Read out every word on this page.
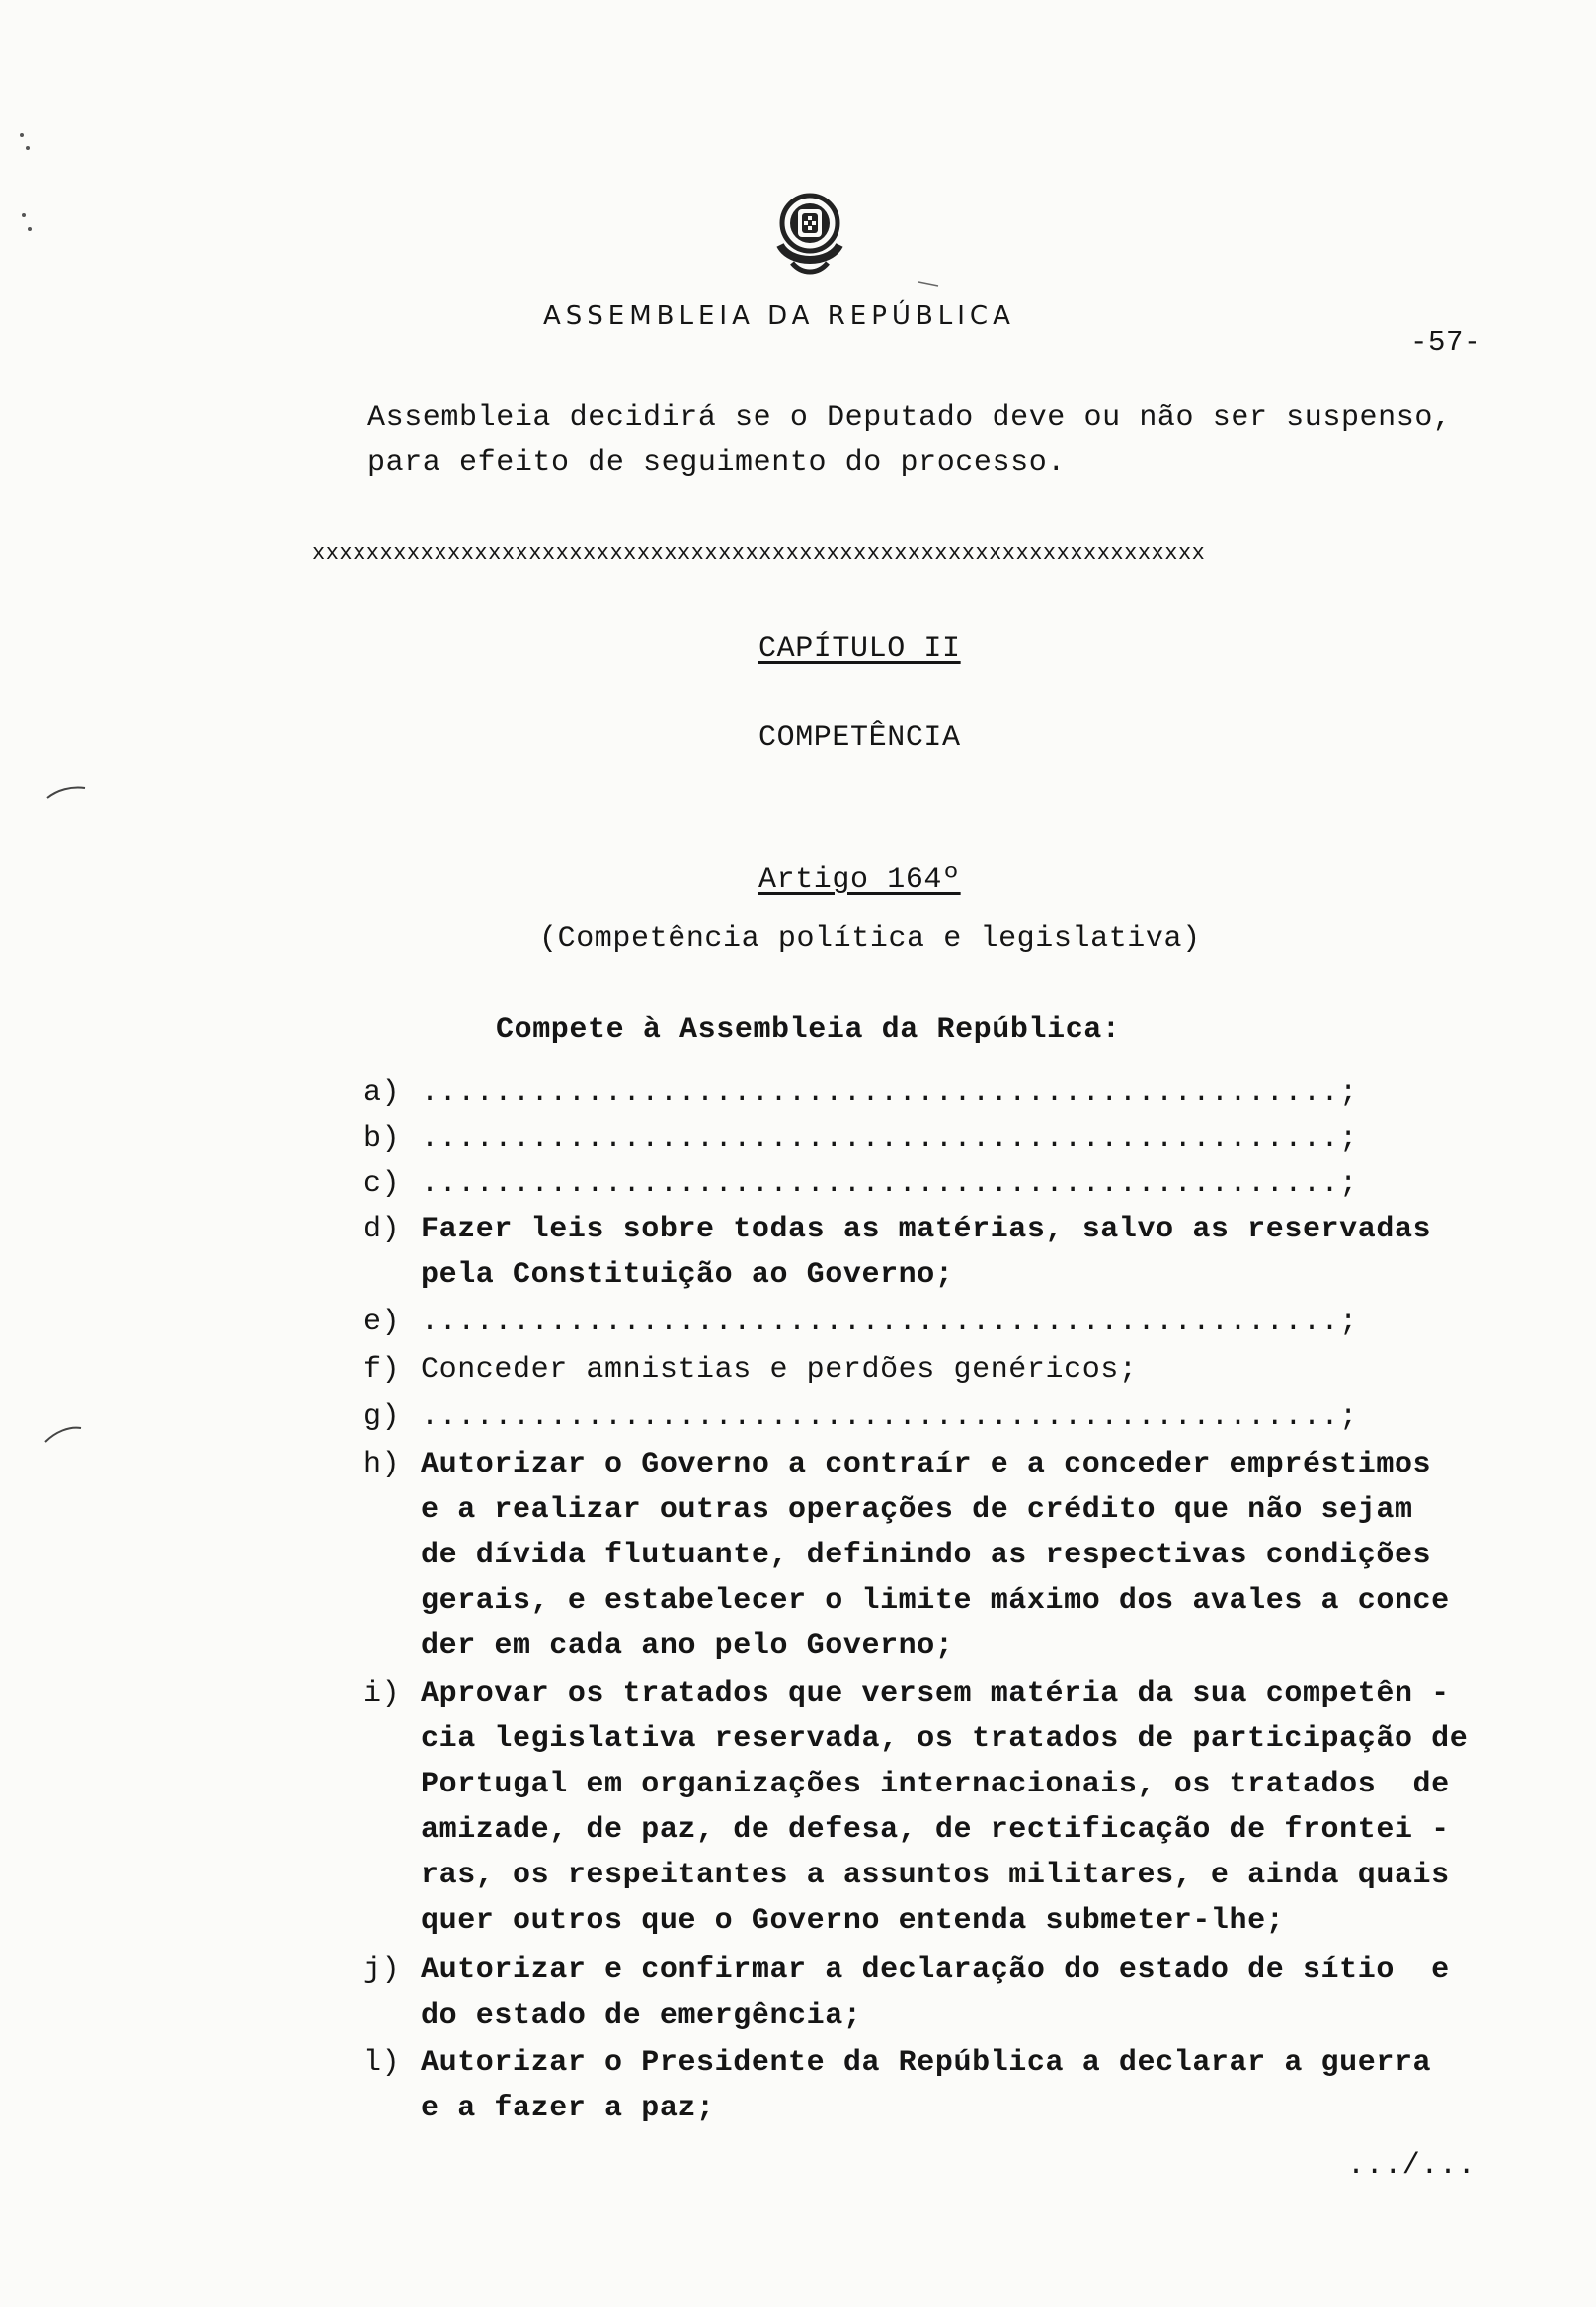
ASSEMBLEIA DA REPÚBLICA
-57-
Assembleia decidirá se o Deputado deve ou não ser suspenso,
para efeito de seguimento do processo.
xxxxxxxxxxxxxxxxxxxxxxxxxxxxxxxxxxxxxxxxxxxxxxxxxxxxxxxxxxxxxxxxxx
CAPÍTULO II
COMPETÊNCIA
Artigo 164º
(Competência política e legislativa)
Compete à Assembleia da República:
a) ..................................................;
b) ..................................................;
c) ..................................................;
d) Fazer leis sobre todas as matérias, salvo as reservadas
pela Constituição ao Governo;
e) ..................................................;
f) Conceder amnistias e perdões genéricos;
g) ..................................................;
h) Autorizar o Governo a contraír e a conceder empréstimos
e a realizar outras operações de crédito que não sejam
de dívida flutuante, definindo as respectivas condições
gerais, e estabelecer o limite máximo dos avales a conce
der em cada ano pelo Governo;
i) Aprovar os tratados que versem matéria da sua competên -
cia legislativa reservada, os tratados de participação de
Portugal em organizações internacionais, os tratados  de
amizade, de paz, de defesa, de rectificação de frontei -
ras, os respeitantes a assuntos militares, e ainda quais
quer outros que o Governo entenda submeter-lhe;
j) Autorizar e confirmar a declaração do estado de sítio  e
do estado de emergência;
l) Autorizar o Presidente da República a declarar a guerra
e a fazer a paz;
.../...
